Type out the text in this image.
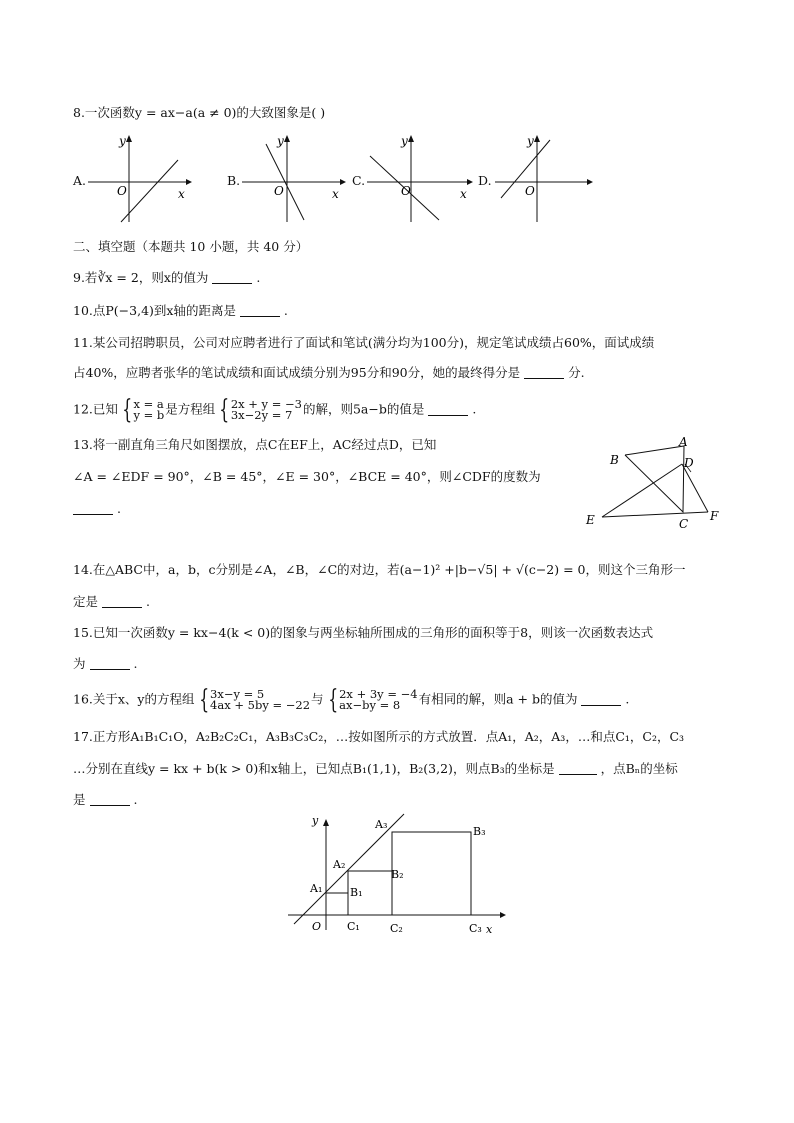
8.一次函数y = ax−a(a ≠ 0)的大致图象是( )
A.
y
O	x
B.
y
O	x
C.
y
O	x
D.
y
O
二、填空题（本题共 10 小题，共 40 分）
9.若∛x = 2，则x的值为	.
10.点P(−3,4)到x轴的距离是	.
11.某公司招聘职员，公司对应聘者进行了面试和笔试(满分均为100分)，规定笔试成绩占60%，面试成绩
占40%，应聘者张华的笔试成绩和面试成绩分别为95分和90分，她的最终得分是	分.
12.已知 { x = a
y = b 是方程组 { 2x + y = −3
3x−2y = 7 的解，则5a−b的值是	.
13.将一副直角三角尺如图摆放，点C在EF上，AC经过点D，已知
∠A = ∠EDF = 90°，∠B = 45°，∠E = 30°，∠BCE = 40°，则∠CDF的度数为
.
A
B	D
E	C
F
14.在△ABC中，a，b，c分别是∠A，∠B，∠C的对边，若(a−1)² +|b−√5| + √(c−2) = 0，则这个三角形一
定是	.
15.已知一次函数y = kx−4(k < 0)的图象与两坐标轴所围成的三角形的面积等于8，则该一次函数表达式
为	.
16.关于x、y的方程组 { 3x−y = 5
4ax + 5by = −22 与 { 2x + 3y = −4
ax−by = 8	有相同的解，则a + b的值为	.
17.正方形A₁B₁C₁O，A₂B₂C₂C₁，A₃B₃C₃C₂，…按如图所示的方式放置．点A₁，A₂，A₃，…和点C₁，C₂，C₃
…分别在直线y = kx + b(k > 0)和x轴上，已知点B₁(1,1)，B₂(3,2)，则点B₃的坐标是	，点Bₙ的坐标
是	.
y
x
O
A₁
A₂
A₃
B₁
B₂
B₃
C₁	C₂	C₃
